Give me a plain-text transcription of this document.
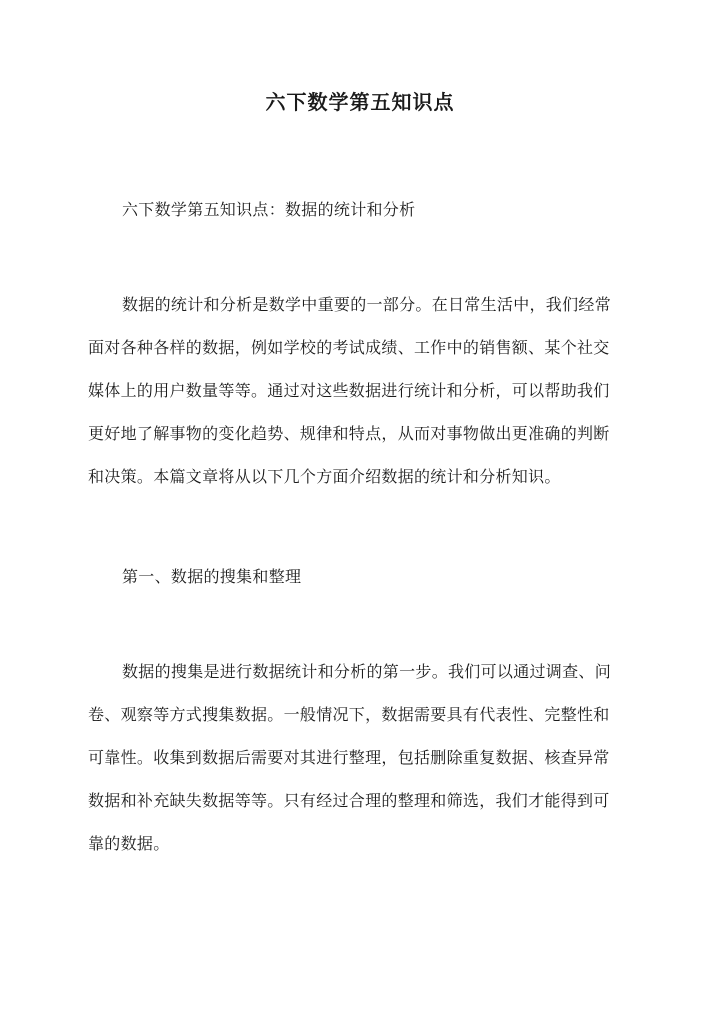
六下数学第五知识点
六下数学第五知识点：数据的统计和分析
数据的统计和分析是数学中重要的一部分。在日常生活中，我们经常
面对各种各样的数据，例如学校的考试成绩、工作中的销售额、某个社交
媒体上的用户数量等等。通过对这些数据进行统计和分析，可以帮助我们
更好地了解事物的变化趋势、规律和特点，从而对事物做出更准确的判断
和决策。本篇文章将从以下几个方面介绍数据的统计和分析知识。
第一、数据的搜集和整理
数据的搜集是进行数据统计和分析的第一步。我们可以通过调查、问
卷、观察等方式搜集数据。一般情况下，数据需要具有代表性、完整性和
可靠性。收集到数据后需要对其进行整理，包括删除重复数据、核查异常
数据和补充缺失数据等等。只有经过合理的整理和筛选，我们才能得到可
靠的数据。
